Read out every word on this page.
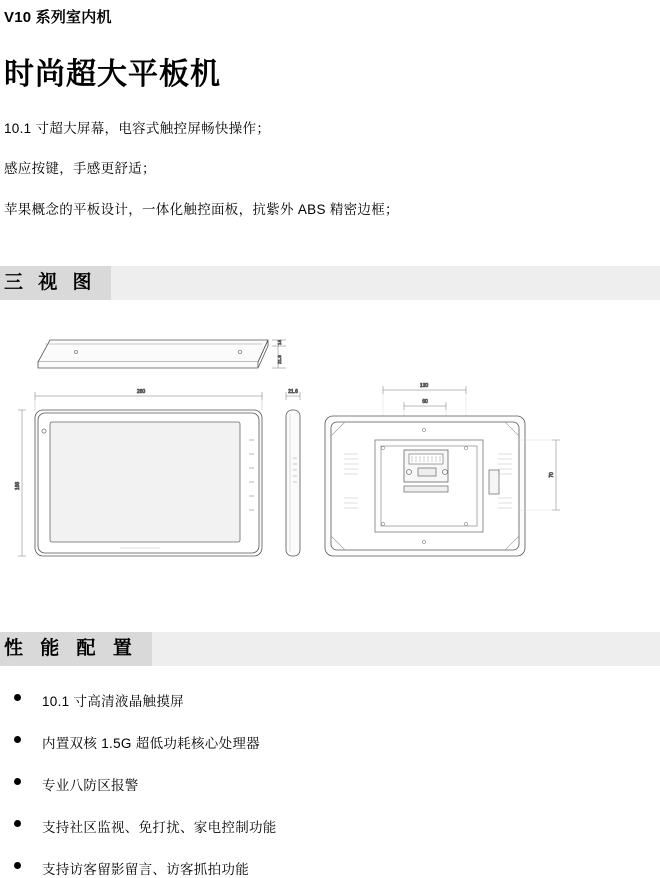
V10 系列室内机
时尚超大平板机
10.1 寸超大屏幕，电容式触控屏畅快操作；
感应按键，手感更舒适；
苹果概念的平板设计，一体化触控面板，抗紫外 ABS 精密边框；
三 视 图
14
21.6
260
166
21.6
130
60
70
性 能 配 置
10.1 寸高清液晶触摸屏
内置双核 1.5G 超低功耗核心处理器
专业八防区报警
支持社区监视、免打扰、家电控制功能
支持访客留影留言、访客抓拍功能
